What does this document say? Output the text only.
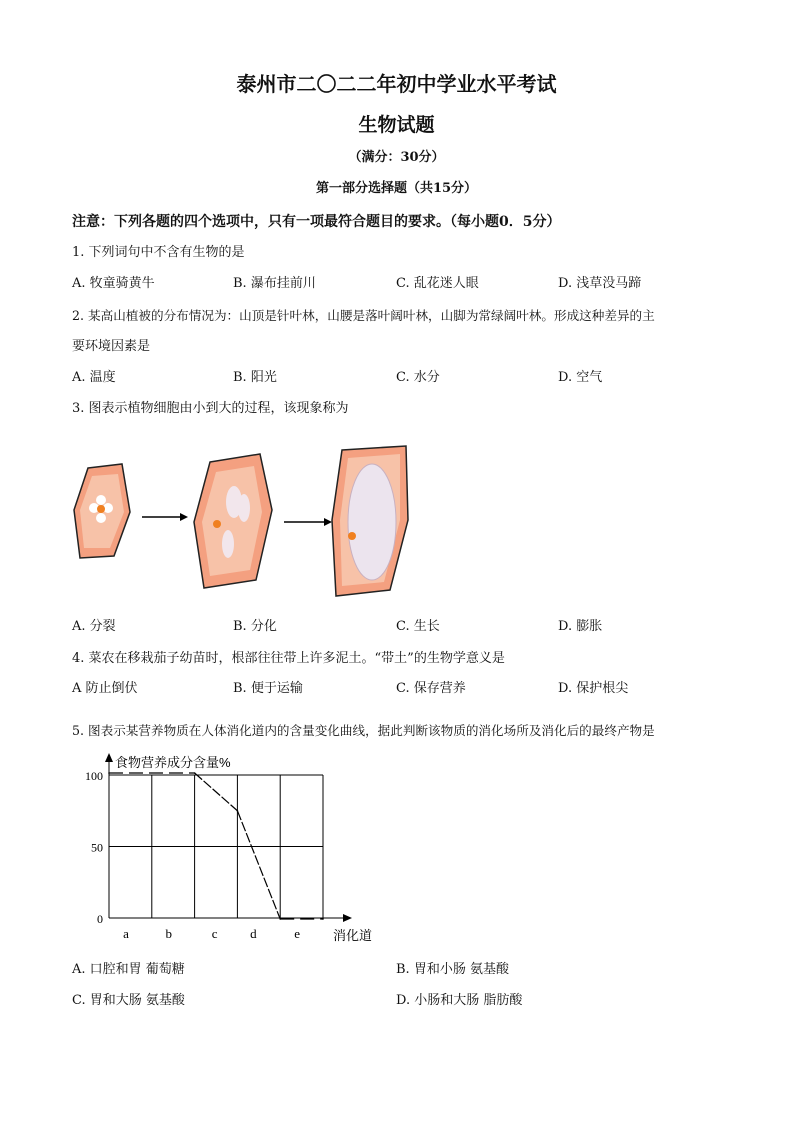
泰州市二〇二二年初中学业水平考试
生物试题
（满分：30分）
第一部分选择题（共15分）
注意：下列各题的四个选项中，只有一项最符合题目的要求。（每小题0．5分）
1. 下列词句中不含有生物的是
A. 牧童骑黄牛	B. 瀑布挂前川	C. 乱花迷人眼	D. 浅草没马蹄
2. 某高山植被的分布情况为：山顶是针叶林，山腰是落叶阔叶林，山脚为常绿阔叶林。形成这种差异的主
要环境因素是
A. 温度	B. 阳光	C. 水分	D. 空气
3. 图表示植物细胞由小到大的过程，该现象称为
A. 分裂	B. 分化	C. 生长	D. 膨胀
4. 菜农在移栽茄子幼苗时，根部往往带上许多泥土。“带土”的生物学意义是
A 防止倒伏	B. 便于运输	C. 保存营养	D. 保护根尖
5. 图表示某营养物质在人体消化道内的含量变化曲线，据此判断该物质的消化场所及消化后的最终产物是
食物营养成分含量%
消化道
100
50
0
a	b	c	d	e
A. 口腔和胃 葡萄糖	B. 胃和小肠 氨基酸
C. 胃和大肠 氨基酸	D. 小肠和大肠 脂肪酸
